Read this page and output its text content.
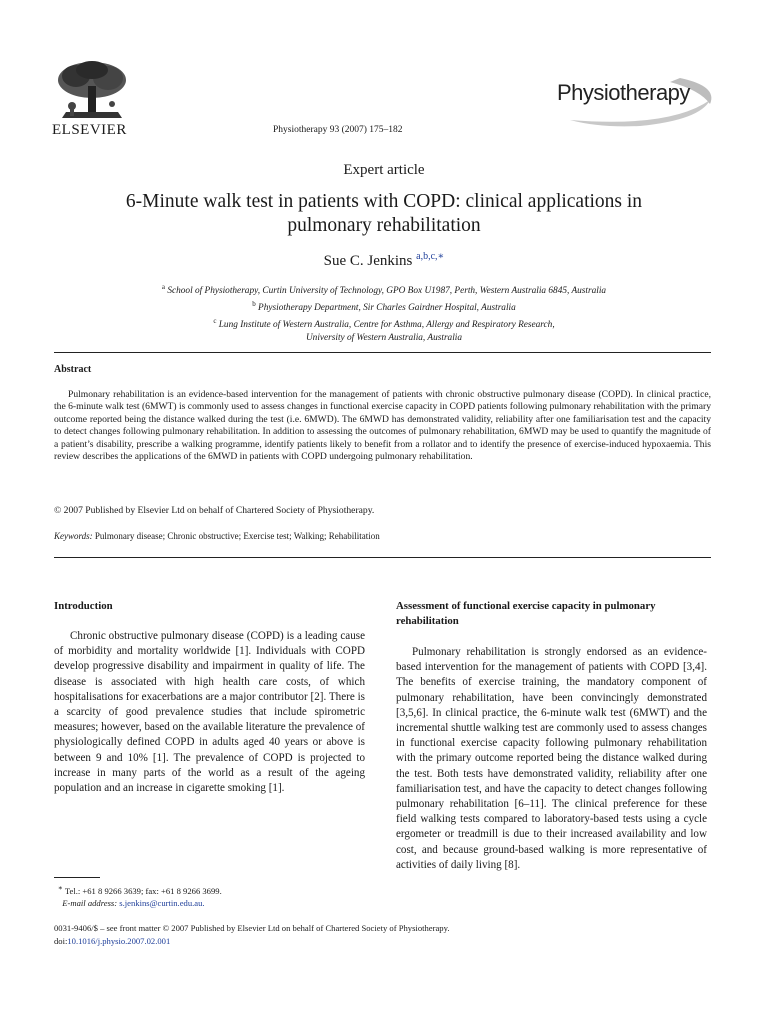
ELSEVIER	Physiotherapy 93 (2007) 175–182
Physiotherapy
Expert article
6-Minute walk test in patients with COPD: clinical applications in pulmonary rehabilitation
Sue C. Jenkins $^{a,b,c,∗}$
$^a$ School of Physiotherapy, Curtin University of Technology, GPO Box U1987, Perth, Western Australia 6845, Australia
$^b$ Physiotherapy Department, Sir Charles Gairdner Hospital, Australia
$^c$ Lung Institute of Western Australia, Centre for Asthma, Allergy and Respiratory Research,
University of Western Australia, Australia
Abstract
Pulmonary rehabilitation is an evidence-based intervention for the management of patients with chronic obstructive pulmonary disease (COPD). In clinical practice, the 6-minute walk test (6MWT) is commonly used to assess changes in functional exercise capacity in COPD patients following pulmonary rehabilitation with the primary outcome reported being the distance walked during the test (i.e. 6MWD). The 6MWD has demonstrated validity, reliability after one familiarisation test and the capacity to detect changes following pulmonary rehabilitation. In addition to assessing the outcomes of pulmonary rehabilitation, 6MWD may be used to quantify the magnitude of a patient’s disability, prescribe a walking programme, identify patients likely to benefit from a rollator and to identify the presence of exercise-induced hypoxaemia. This review describes the applications of the 6MWD in patients with COPD undergoing pulmonary rehabilitation.
© 2007 Published by Elsevier Ltd on behalf of Chartered Society of Physiotherapy.
Keywords: Pulmonary disease; Chronic obstructive; Exercise test; Walking; Rehabilitation
Introduction
Chronic obstructive pulmonary disease (COPD) is a leading cause of morbidity and mortality worldwide [1]. Individuals with COPD develop progressive disability and impairment in quality of life. The disease is associated with high health care costs, of which hospitalisations for exacerbations are a major contributor [2]. There is a scarcity of good prevalence studies that include spirometric measures; however, based on the available literature the prevalence of physiologically defined COPD in adults aged 40 years or above is between 9 and 10% [1]. The prevalence of COPD is projected to increase in many parts of the world as a result of the ageing population and an increase in cigarette smoking [1].
Assessment of functional exercise capacity in pulmonary rehabilitation
Pulmonary rehabilitation is strongly endorsed as an evidence-based intervention for the management of patients with COPD [3,4]. The benefits of exercise training, the mandatory component of pulmonary rehabilitation, have been convincingly demonstrated [3,5,6]. In clinical practice, the 6-minute walk test (6MWT) and the incremental shuttle walking test are commonly used to assess changes in functional exercise capacity following pulmonary rehabilitation with the primary outcome reported being the distance walked during the test. Both tests have demonstrated validity, reliability after one familiarisation test, and have the capacity to detect changes following pulmonary rehabilitation [6–11]. The clinical preference for these field walking tests compared to laboratory-based tests using a cycle ergometer or treadmill is due to their increased availability and low cost, and because ground-based walking is more representative of activities of daily living [8].
∗ Tel.: +61 8 9266 3639; fax: +61 8 9266 3699.
E-mail address: s.jenkins@curtin.edu.au.
0031-9406/$ – see front matter © 2007 Published by Elsevier Ltd on behalf of Chartered Society of Physiotherapy.
doi:10.1016/j.physio.2007.02.001
